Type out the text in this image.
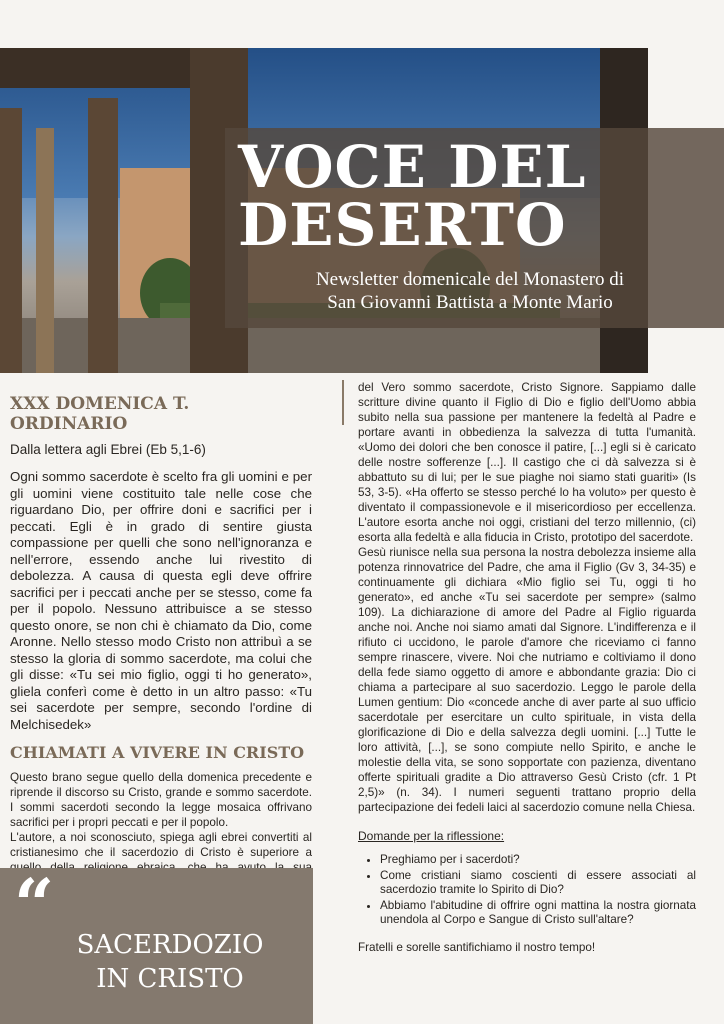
VOCE DEL
DESERTO
Newsletter domenicale del Monastero di
San Giovanni Battista a Monte Mario
XXX DOMENICA T. ORDINARIO
Dalla lettera agli Ebrei (Eb 5,1-6)

Ogni sommo sacerdote è scelto fra gli uomini e per gli uomini viene costituito tale nelle cose che riguardano Dio, per offrire doni e sacrifici per i peccati. Egli è in grado di sentire giusta compassione per quelli che sono nell'ignoranza e nell'errore, essendo anche lui rivestito di debolezza. A causa di questa egli deve offrire sacrifici per i peccati anche per se stesso, come fa per il popolo. Nessuno attribuisce a se stesso questo onore, se non chi è chiamato da Dio, come Aronne. Nello stesso modo Cristo non attribuì a se stesso la gloria di sommo sacerdote, ma colui che gli disse: «Tu sei mio figlio, oggi ti ho generato», gliela conferì come è detto in un altro passo: «Tu sei sacerdote per sempre, secondo l'ordine di Melchisedek»

CHIAMATI A VIVERE IN CRISTO

Questo brano segue quello della domenica precedente e riprende il discorso su Cristo, grande e sommo sacerdote. I sommi sacerdoti secondo la legge mosaica offrivano sacrifici per i propri peccati e per il popolo.

L'autore, a noi sconosciuto, spiega agli ebrei convertiti al cristianesimo che il sacerdozio di Cristo è superiore a

“ SACERDOZIO
IN CRISTO

del Vero sommo sacerdote, Cristo Signore. Sappiamo dalle scritture divine quanto il Figlio di Dio e figlio dell'Uomo abbia subito nella sua passione per mantenere la fedeltà al Padre e portare avanti in obbedienza la salvezza di tutta l'umanità. «Uomo dei dolori che ben conosce il patire, [...] egli si è caricato delle nostre sofferenze [...]. Il castigo che ci dà salvezza si è abbattuto su di lui; per le sue piaghe noi siamo stati guariti» (Is 53, 3-5). «Ha offerto se stesso perché lo ha voluto» per questo è diventato il compassionevole e il misericordioso per eccellenza. L'autore esorta anche noi oggi, cristiani del terzo millennio, (ci) esorta alla fedeltà e alla fiducia in Cristo, prototipo del sacerdote.

Gesù riunisce nella sua persona la nostra debolezza insieme alla potenza rinnovatrice del Padre, che ama il Figlio (Gv 3, 34-35) e continuamente gli dichiara «Mio figlio sei Tu, oggi ti ho generato», ed anche «Tu sei sacerdote per sempre» (salmo 109). La dichiarazione di amore del Padre al Figlio riguarda anche noi. Anche noi siamo amati dal Signore. L'indifferenza e il rifiuto ci uccidono, le parole d'amore che riceviamo ci fanno sempre rinascere, vivere. Noi che nutriamo e coltiviamo il dono della fede siamo oggetto di amore e abbondante grazia: Dio ci chiama a partecipare al suo sacerdozio. Leggo le parole della Lumen gentium: Dio «concede anche di aver parte al suo ufficio sacerdotale per esercitare un culto spirituale, in vista della glorificazione di Dio e della salvezza degli uomini. [...] Tutte le loro attività, [...], se sono compiute nello Spirito, e anche le molestie della vita, se sono sopportate con pazienza, diventano offerte spirituali gradite a Dio attraverso Gesù Cristo (cfr. 1 Pt 2,5)» (n. 34). I numeri seguenti trattano proprio della partecipazione dei fedeli laici al sacerdozio comune nella Chiesa.

Domande per la riflessione:
• Preghiamo per i sacerdoti?
• Come cristiani siamo coscienti di essere associati al sacerdozio tramite lo Spirito di Dio?
• Abbiamo l'abitudine di offrire ogni mattina la nostra giornata unendola al Corpo e Sangue di Cristo sull'altare?
Fratelli e sorelle santifichiamo il nostro tempo!
